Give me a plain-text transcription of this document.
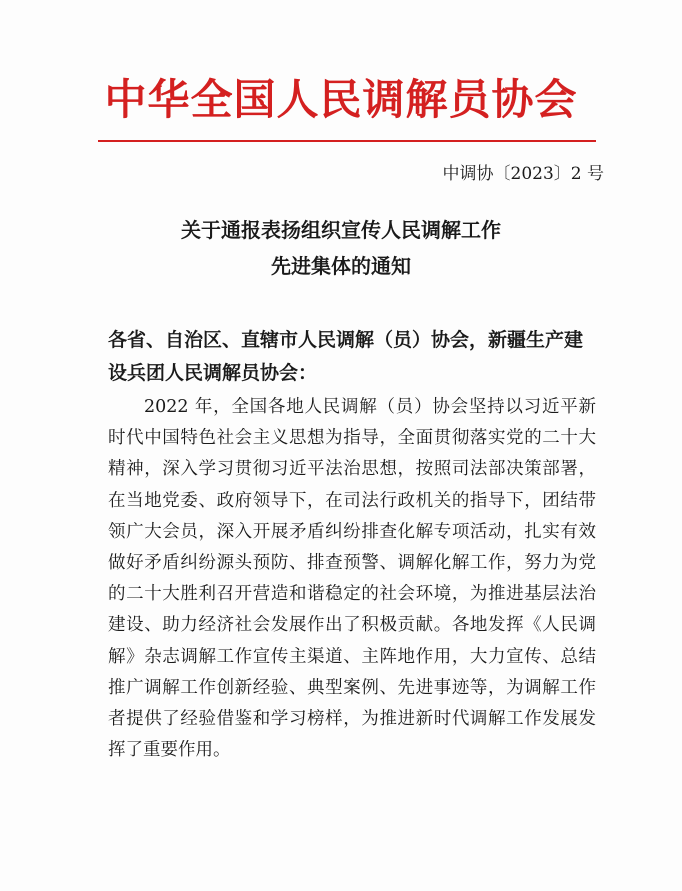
中华全国人民调解员协会
中调协〔2023〕2 号
关于通报表扬组织宣传人民调解工作
先进集体的通知
各省、自治区、直辖市人民调解（员）协会，新疆生产建设兵团人民调解员协会：
2022 年，全国各地人民调解（员）协会坚持以习近平新时代中国特色社会主义思想为指导，全面贯彻落实党的二十大精神，深入学习贯彻习近平法治思想，按照司法部决策部署，在当地党委、政府领导下，在司法行政机关的指导下，团结带领广大会员，深入开展矛盾纠纷排查化解专项活动，扎实有效做好矛盾纠纷源头预防、排查预警、调解化解工作，努力为党的二十大胜利召开营造和谐稳定的社会环境，为推进基层法治建设、助力经济社会发展作出了积极贡献。各地发挥《人民调解》杂志调解工作宣传主渠道、主阵地作用，大力宣传、总结推广调解工作创新经验、典型案例、先进事迹等，为调解工作者提供了经验借鉴和学习榜样，为推进新时代调解工作发展发挥了重要作用。
